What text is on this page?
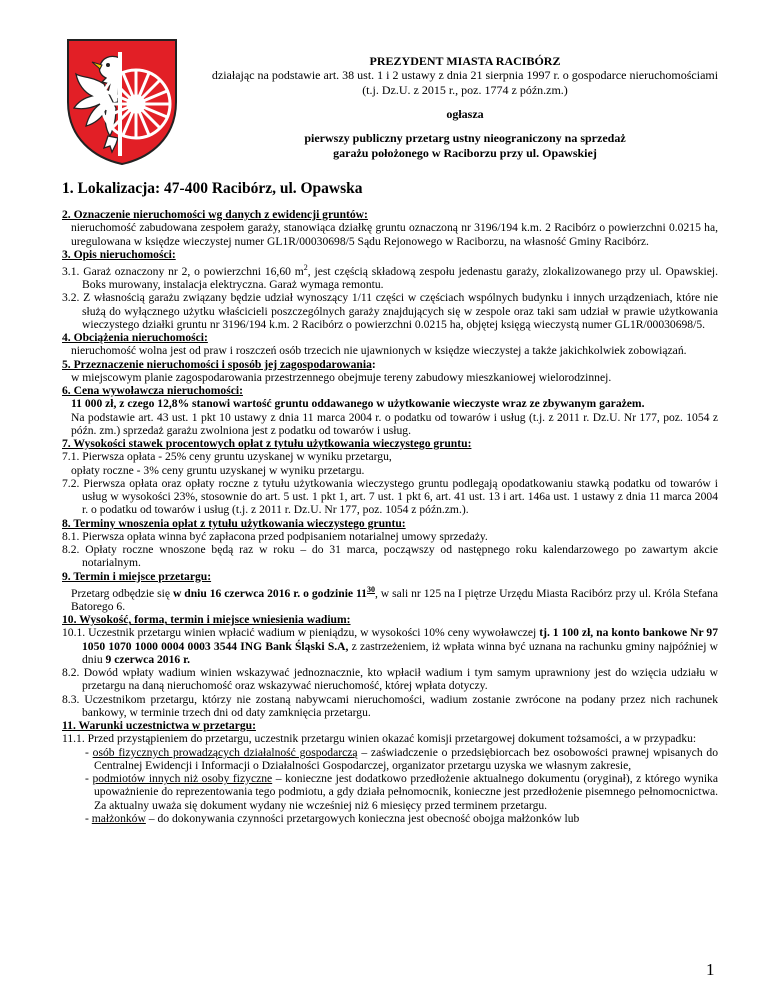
PREZYDENT MIASTA RACIBÓRZ
działając na podstawie art. 38 ust. 1 i 2 ustawy z dnia 21 sierpnia 1997 r. o gospodarce nieruchomościami (t.j. Dz.U. z 2015 r., poz. 1774 z późn.zm.)
ogłasza
pierwszy publiczny przetarg ustny nieograniczony na sprzedaż
garażu położonego w Raciborzu przy ul. Opawskiej
1. Lokalizacja: 47-400 Racibórz, ul. Opawska

2. Oznaczenie nieruchomości wg danych z ewidencji gruntów:

nieruchomość zabudowana zespołem garaży, stanowiąca działkę gruntu oznaczoną nr 3196/194 k.m. 2 Racibórz o powierzchni 0.0215 ha, uregulowana w księdze wieczystej numer GL1R/00030698/5 Sądu Rejonowego w Raciborzu, na własność Gminy Racibórz.

3. Opis nieruchomości:

3.1. Garaż oznaczony nr 2, o powierzchni 16,60 $m^2$, jest częścią składową zespołu jedenastu garaży, zlokalizowanego przy ul. Opawskiej. Boks murowany, instalacja elektryczna. Garaż wymaga remontu.

3.2. Z własnością garażu związany będzie udział wynoszący 1/11 części w częściach wspólnych budynku i innych urządzeniach, które nie służą do wyłącznego użytku właścicieli poszczególnych garaży znajdujących się w zespole oraz taki sam udział w prawie użytkowania wieczystego działki gruntu nr 3196/194 k.m. 2 Racibórz o powierzchni 0.0215 ha, objętej księgą wieczystą numer GL1R/00030698/5.

4. Obciążenia nieruchomości:

nieruchomość wolna jest od praw i roszczeń osób trzecich nie ujawnionych w księdze wieczystej a także jakichkolwiek zobowiązań.

5. Przeznaczenie nieruchomości i sposób jej zagospodarowania:

w miejscowym planie zagospodarowania przestrzennego obejmuje tereny zabudowy mieszkaniowej wielorodzinnej.

6. Cena wywoławcza nieruchomości:

11 000 zł, z czego 12,8% stanowi wartość gruntu oddawanego w użytkowanie wieczyste wraz ze zbywanym garażem.

Na podstawie art. 43 ust. 1 pkt 10 ustawy z dnia 11 marca 2004 r. o podatku od towarów i usług (t.j. z 2011 r. Dz.U. Nr 177, poz. 1054 z późn. zm.) sprzedaż garażu zwolniona jest z podatku od towarów i usług.

7. Wysokości stawek procentowych opłat z tytułu użytkowania wieczystego gruntu:

7.1. Pierwsza opłata - 25% ceny gruntu uzyskanej w wyniku przetargu,

opłaty roczne - 3% ceny gruntu uzyskanej w wyniku przetargu.

7.2. Pierwsza opłata oraz opłaty roczne z tytułu użytkowania wieczystego gruntu podlegają opodatkowaniu stawką podatku od towarów i usług w wysokości 23%, stosownie do art. 5 ust. 1 pkt 1, art. 7 ust. 1 pkt 6, art. 41 ust. 13 i art. 146a ust. 1 ustawy z dnia 11 marca 2004 r. o podatku od towarów i usług (t.j. z 2011 r. Dz.U. Nr 177, poz. 1054 z późn.zm.).

8. Terminy wnoszenia opłat z tytułu użytkowania wieczystego gruntu:

8.1. Pierwsza opłata winna być zapłacona przed podpisaniem notarialnej umowy sprzedaży.

8.2. Opłaty roczne wnoszone będą raz w roku – do 31 marca, począwszy od następnego roku kalendarzowego po zawartym akcie notarialnym.

9. Termin i miejsce przetargu:

Przetarg odbędzie się w dniu 16 czerwca 2016 r. o godzinie $11^{30}$, w sali nr 125 na I piętrze Urzędu Miasta Racibórz przy ul. Króla Stefana Batorego 6.

10. Wysokość, forma, termin i miejsce wniesienia wadium:

10.1. Uczestnik przetargu winien wpłacić wadium w pieniądzu, w wysokości 10% ceny wywoławczej tj. 1 100 zł, na konto bankowe Nr 97 1050 1070 1000 0004 0003 3544 ING Bank Śląski S.A, z zastrzeżeniem, iż wpłata winna być uznana na rachunku gminy najpóźniej w dniu 9 czerwca 2016 r.

8.2. Dowód wpłaty wadium winien wskazywać jednoznacznie, kto wpłacił wadium i tym samym uprawniony jest do wzięcia udziału w przetargu na daną nieruchomość oraz wskazywać nieruchomość, której wpłata dotyczy.

8.3. Uczestnikom przetargu, którzy nie zostaną nabywcami nieruchomości, wadium zostanie zwrócone na podany przez nich rachunek bankowy, w terminie trzech dni od daty zamknięcia przetargu.

11. Warunki uczestnictwa w przetargu:

11.1. Przed przystąpieniem do przetargu, uczestnik przetargu winien okazać komisji przetargowej dokument tożsamości, a w przypadku:

- osób fizycznych prowadzących działalność gospodarczą – zaświadczenie o przedsiębiorcach bez osobowości prawnej wpisanych do Centralnej Ewidencji i Informacji o Działalności Gospodarczej, organizator przetargu uzyska we własnym zakresie,

- podmiotów innych niż osoby fizyczne – konieczne jest dodatkowo przedłożenie aktualnego dokumentu (oryginał), z którego wynika upoważnienie do reprezentowania tego podmiotu, a gdy działa pełnomocnik, konieczne jest przedłożenie pisemnego pełnomocnictwa. Za aktualny uważa się dokument wydany nie wcześniej niż 6 miesięcy przed terminem przetargu.

- małżonków – do dokonywania czynności przetargowych konieczna jest obecność obojga małżonków lub

1
